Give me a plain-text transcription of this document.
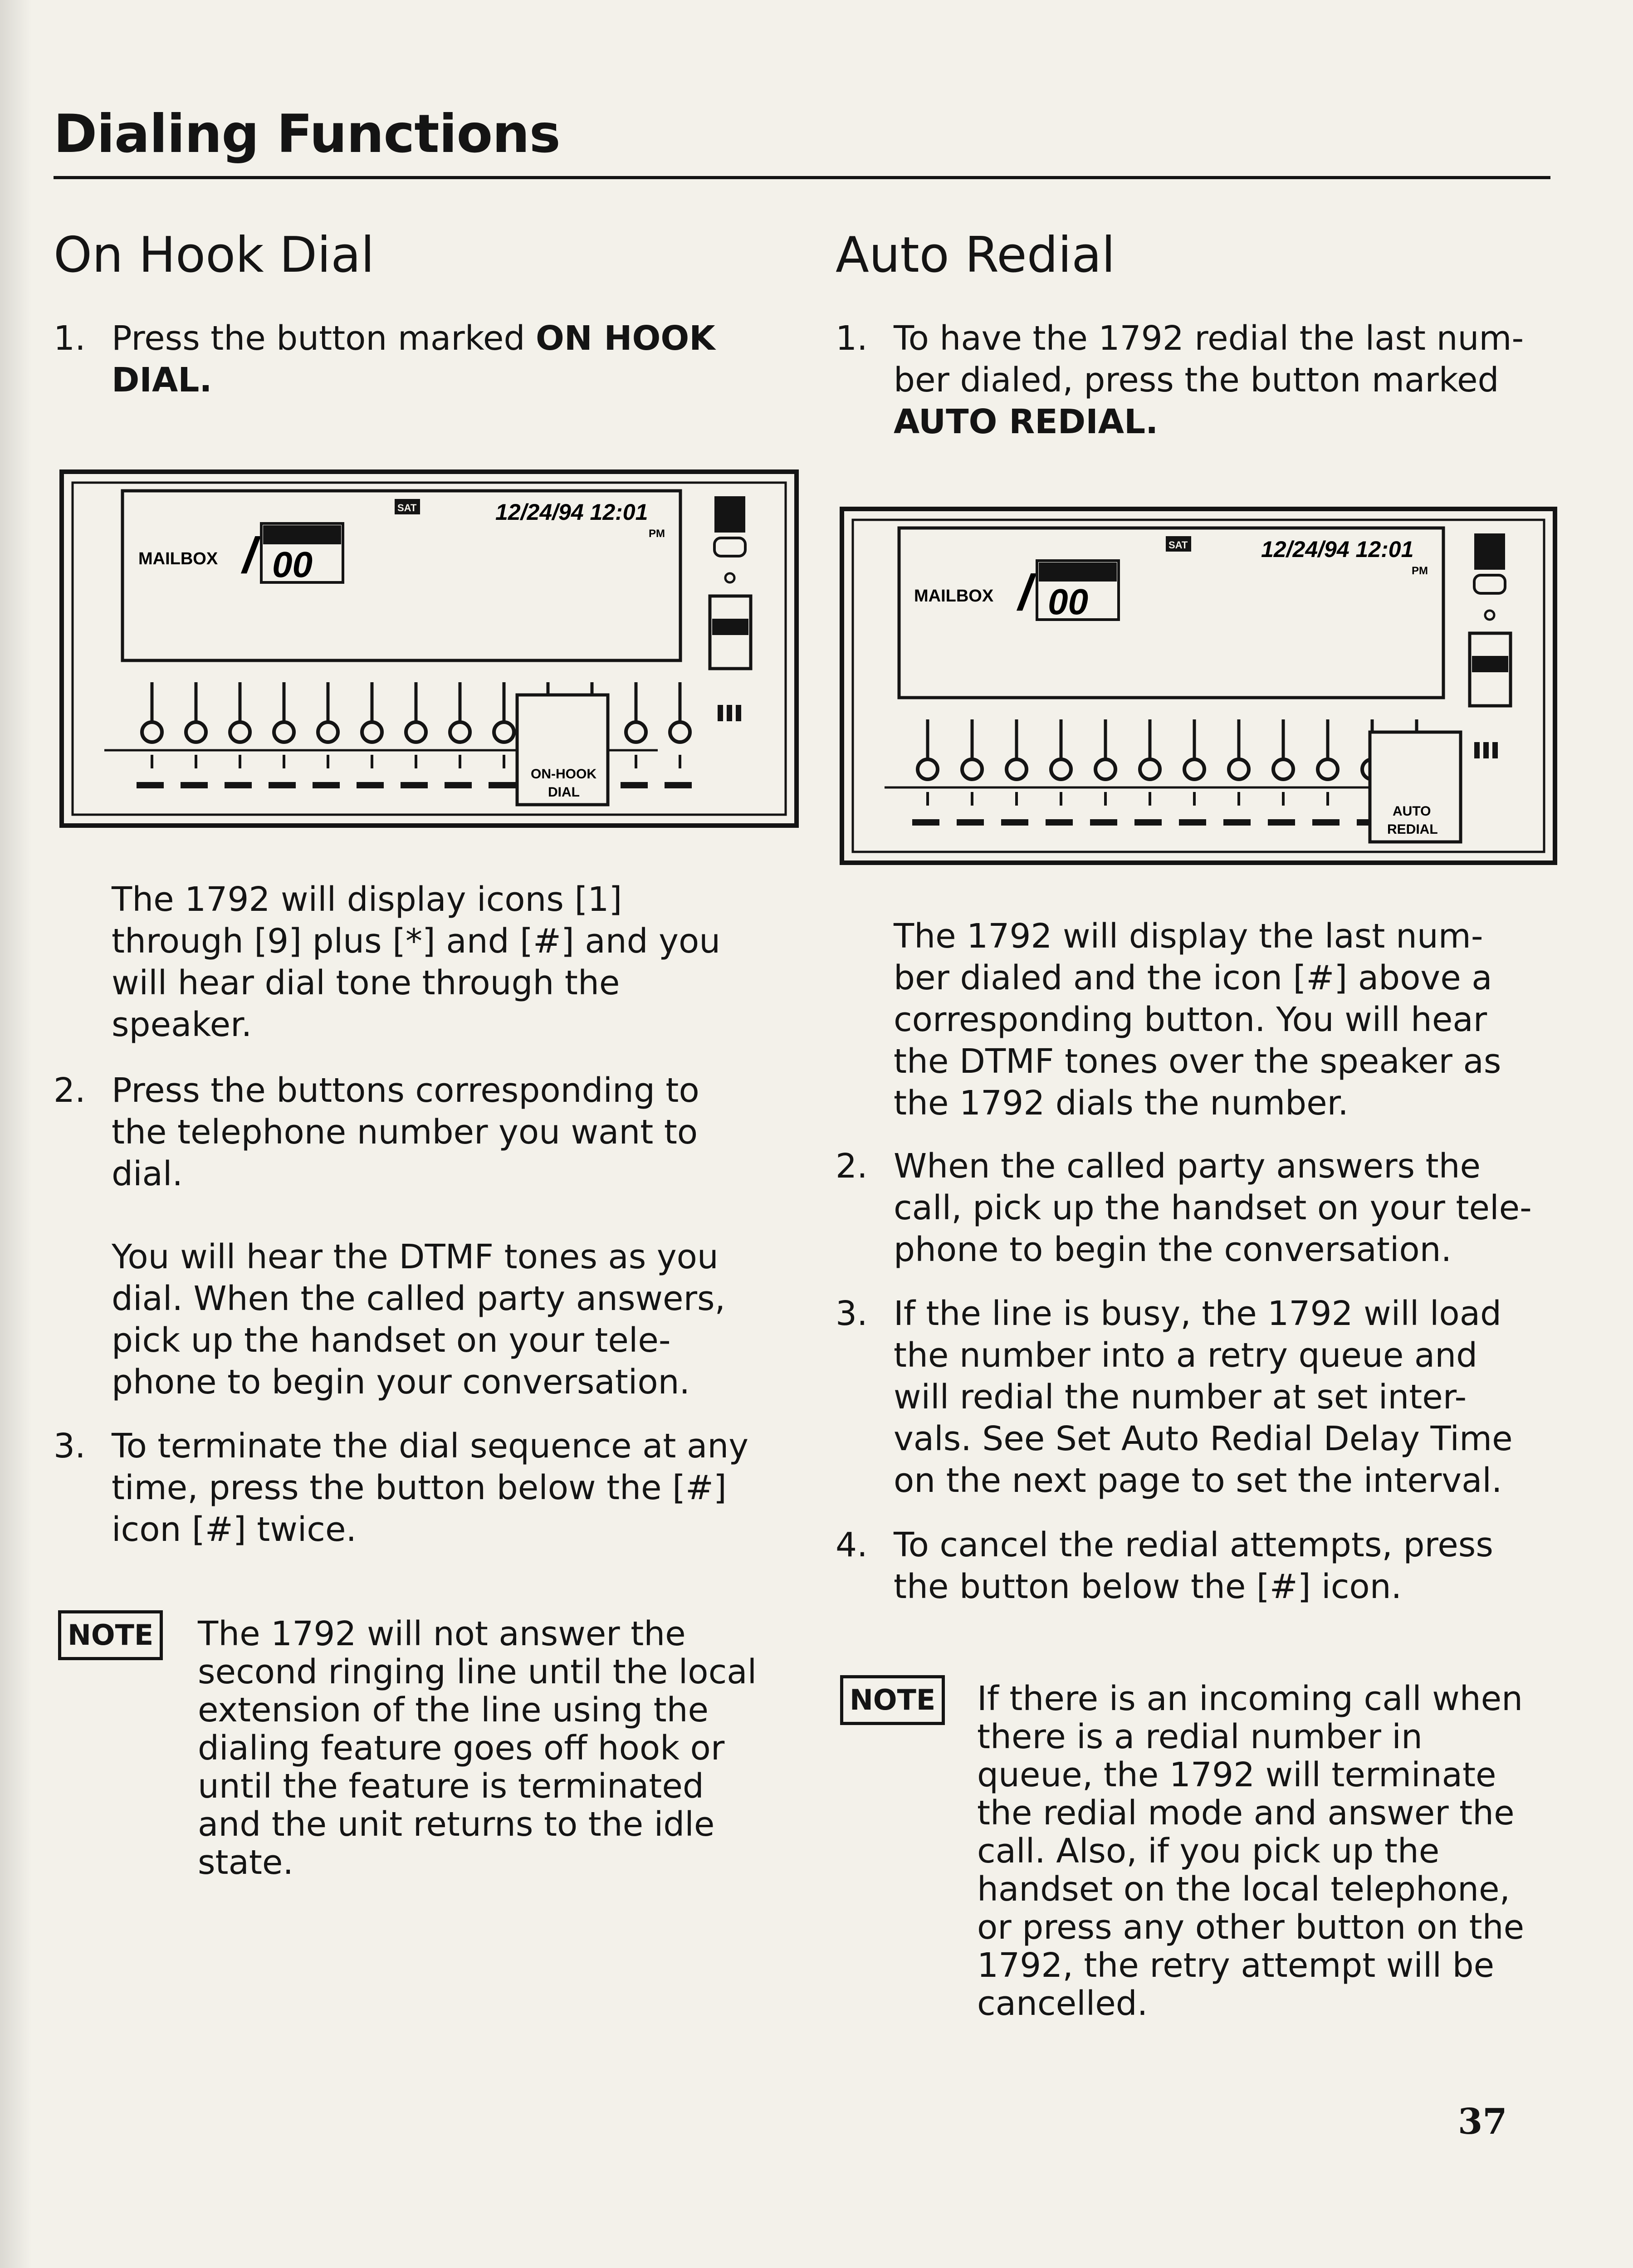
Dialing Functions
On Hook Dial
1. Press the button marked ON HOOK
DIAL.
MAILBOX / 00
SAT	12/24/94 12:01
PM
ON-HOOK
DIAL
The 1792 will display icons [1]
through [9] plus [*] and [#] and you
will hear dial tone through the
speaker.
2. Press the buttons corresponding to
the telephone number you want to
dial.
You will hear the DTMF tones as you
dial. When the called party answers,
pick up the handset on your tele-
phone to begin your conversation.
3. To terminate the dial sequence at any
time, press the button below the [#]
icon [#] twice.
NOTE The 1792 will not answer the
second ringing line until the local
extension of the line using the
dialing feature goes off hook or
until the feature is terminated
and the unit returns to the idle
state.
Auto Redial
1. To have the 1792 redial the last num-
ber dialed, press the button marked
AUTO REDIAL.
MAILBOX / 00
SAT	12/24/94 12:01
PM
AUTO
REDIAL
The 1792 will display the last num-
ber dialed and the icon [#] above a
corresponding button. You will hear
the DTMF tones over the speaker as
the 1792 dials the number.
2. When the called party answers the
call, pick up the handset on your tele-
phone to begin the conversation.
3. If the line is busy, the 1792 will load
the number into a retry queue and
will redial the number at set inter-
vals. See Set Auto Redial Delay Time
on the next page to set the interval.
4. To cancel the redial attempts, press
the button below the [#] icon.
NOTE If there is an incoming call when
there is a redial number in
queue, the 1792 will terminate
the redial mode and answer the
call. Also, if you pick up the
handset on the local telephone,
or press any other button on the
1792, the retry attempt will be
cancelled.
37
